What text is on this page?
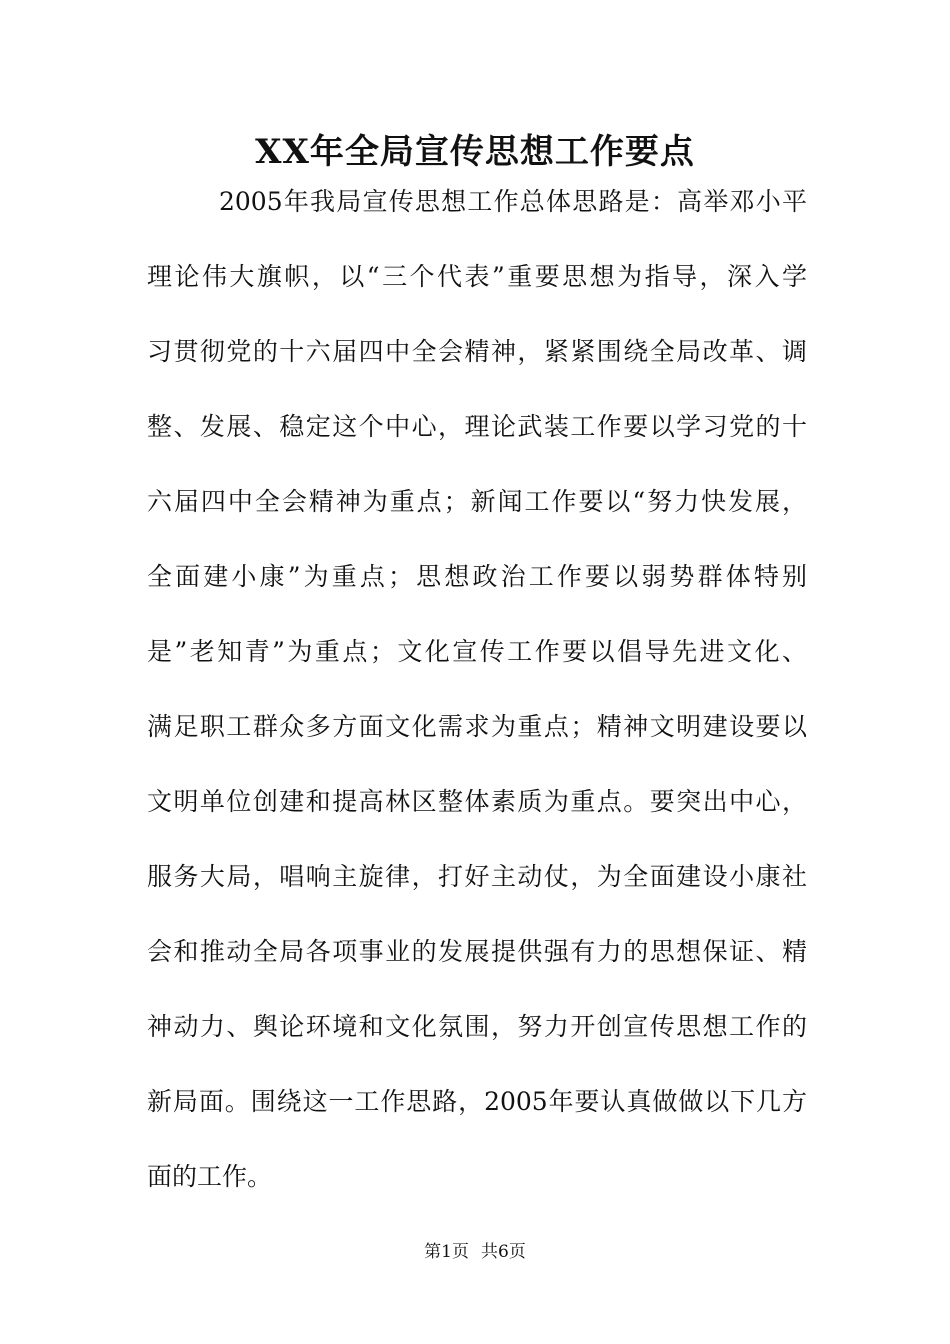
XX年全局宣传思想工作要点
2005年我局宣传思想工作总体思路是：高举邓小平
理论伟大旗帜，以“三个代表”重要思想为指导，深入学
习贯彻党的十六届四中全会精神，紧紧围绕全局改革、调
整、发展、稳定这个中心，理论武装工作要以学习党的十
六届四中全会精神为重点；新闻工作要以“努力快发展，
全面建小康”为重点；思想政治工作要以弱势群体特别
是”老知青”为重点；文化宣传工作要以倡导先进文化、
满足职工群众多方面文化需求为重点；精神文明建设要以
文明单位创建和提高林区整体素质为重点。要突出中心，
服务大局，唱响主旋律，打好主动仗，为全面建设小康社
会和推动全局各项事业的发展提供强有力的思想保证、精
神动力、舆论环境和文化氛围，努力开创宣传思想工作的
新局面。围绕这一工作思路，2005年要认真做做以下几方
面的工作。
第1页 共6页
